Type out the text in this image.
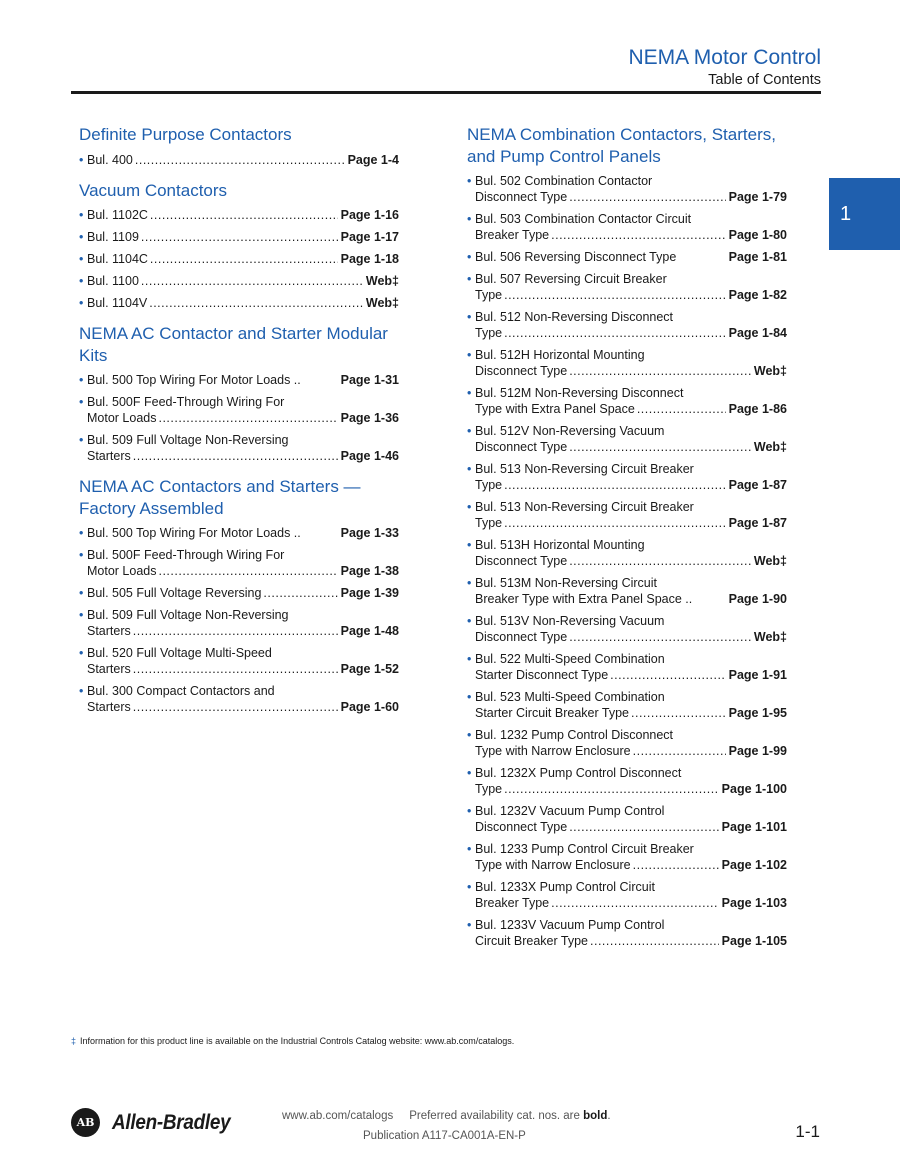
NEMA Motor Control
Table of Contents
1
Definite Purpose Contactors
• Bul. 400 .....	Page 1-4
Vacuum Contactors
• Bul. 1102C .....	Page 1-16
• Bul. 1109 .....	Page 1-17
• Bul. 1104C .....	Page 1-18
• Bul. 1100 .....	Web‡
• Bul. 1104V .....	Web‡
NEMA AC Contactor and Starter Modular Kits
• Bul. 500 Top Wiring For Motor Loads ..	Page 1-31
• Bul. 500F Feed-Through Wiring For
Motor Loads .....	Page 1-36
• Bul. 509 Full Voltage Non-Reversing
Starters .....	Page 1-46
NEMA AC Contactors and Starters — Factory Assembled
• Bul. 500 Top Wiring For Motor Loads ..	Page 1-33
• Bul. 500F Feed-Through Wiring For
Motor Loads .....	Page 1-38
• Bul. 505 Full Voltage Reversing .....	Page 1-39
• Bul. 509 Full Voltage Non-Reversing
Starters .....	Page 1-48
• Bul. 520 Full Voltage Multi-Speed
Starters .....	Page 1-52
• Bul. 300 Compact Contactors and
Starters .....	Page 1-60
NEMA Combination Contactors, Starters, and Pump Control Panels
• Bul. 502 Combination Contactor
Disconnect Type .....	Page 1-79
• Bul. 503 Combination Contactor Circuit
Breaker Type .....	Page 1-80
• Bul. 506 Reversing Disconnect Type	Page 1-81
• Bul. 507 Reversing Circuit Breaker
Type .....	Page 1-82
• Bul. 512 Non-Reversing Disconnect
Type .....	Page 1-84
• Bul. 512H Horizontal Mounting
Disconnect Type .....	Web‡
• Bul. 512M Non-Reversing Disconnect
Type with Extra Panel Space .....	Page 1-86
• Bul. 512V Non-Reversing Vacuum
Disconnect Type .....	Web‡
• Bul. 513 Non-Reversing Circuit Breaker
Type .....	Page 1-87
• Bul. 513 Non-Reversing Circuit Breaker
Type .....	Page 1-87
• Bul. 513H Horizontal Mounting
Disconnect Type .....	Web‡
• Bul. 513M Non-Reversing Circuit
Breaker Type with Extra Panel Space ..	Page 1-90
• Bul. 513V Non-Reversing Vacuum
Disconnect Type .....	Web‡
• Bul. 522 Multi-Speed Combination
Starter Disconnect Type .....	Page 1-91
• Bul. 523 Multi-Speed Combination
Starter Circuit Breaker Type .....	Page 1-95
• Bul. 1232 Pump Control Disconnect
Type with Narrow Enclosure .....	Page 1-99
• Bul. 1232X Pump Control Disconnect
Type .....	Page 1-100
• Bul. 1232V Vacuum Pump Control
Disconnect Type .....	Page 1-101
• Bul. 1233 Pump Control Circuit Breaker
Type with Narrow Enclosure .....	Page 1-102
• Bul. 1233X Pump Control Circuit
Breaker Type .....	Page 1-103
• Bul. 1233V Vacuum Pump Control
Circuit Breaker Type .....	Page 1-105
‡ Information for this product line is available on the Industrial Controls Catalog website: www.ab.com/catalogs.
AB Allen-Bradley	www.ab.com/catalogs Preferred availability cat. nos. are bold.
Publication A117-CA001A-EN-P	1-1
